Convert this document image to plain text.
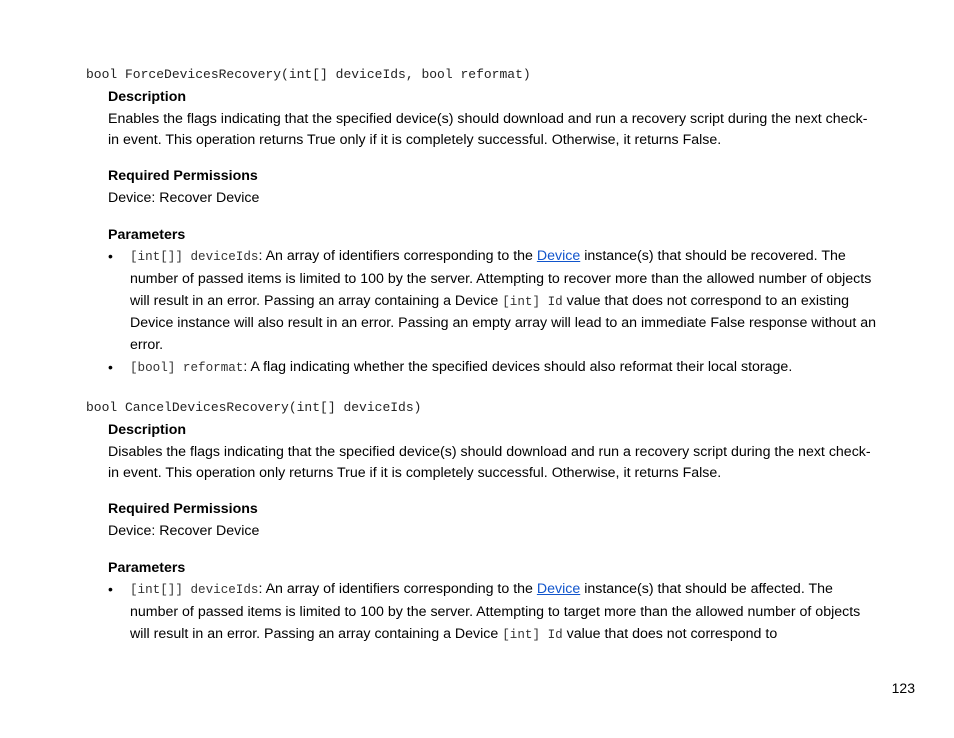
bool ForceDevicesRecovery(int[] deviceIds, bool reformat)
Description

Enables the flags indicating that the specified device(s) should download and run a recovery script during the next check-in event. This operation returns True only if it is completely successful. Otherwise, it returns False.

Required Permissions

Device: Recover Device

Parameters
• [int[]] deviceIds: An array of identifiers corresponding to the Device instance(s) that should be recovered. The number of passed items is limited to 100 by the server. Attempting to recover more than the allowed number of objects will result in an error. Passing an array containing a Device [int] Id value that does not correspond to an existing Device instance will also result in an error. Passing an empty array will lead to an immediate False response without an error.
• [bool] reformat: A flag indicating whether the specified devices should also reformat their local storage.
bool CancelDevicesRecovery(int[] deviceIds)
Description

Disables the flags indicating that the specified device(s) should download and run a recovery script during the next check-in event. This operation only returns True if it is completely successful. Otherwise, it returns False.

Required Permissions

Device: Recover Device

Parameters
• [int[]] deviceIds: An array of identifiers corresponding to the Device instance(s) that should be affected. The number of passed items is limited to 100 by the server. Attempting to target more than the allowed number of objects will result in an error. Passing an array containing a Device [int] Id value that does not correspond to
123
